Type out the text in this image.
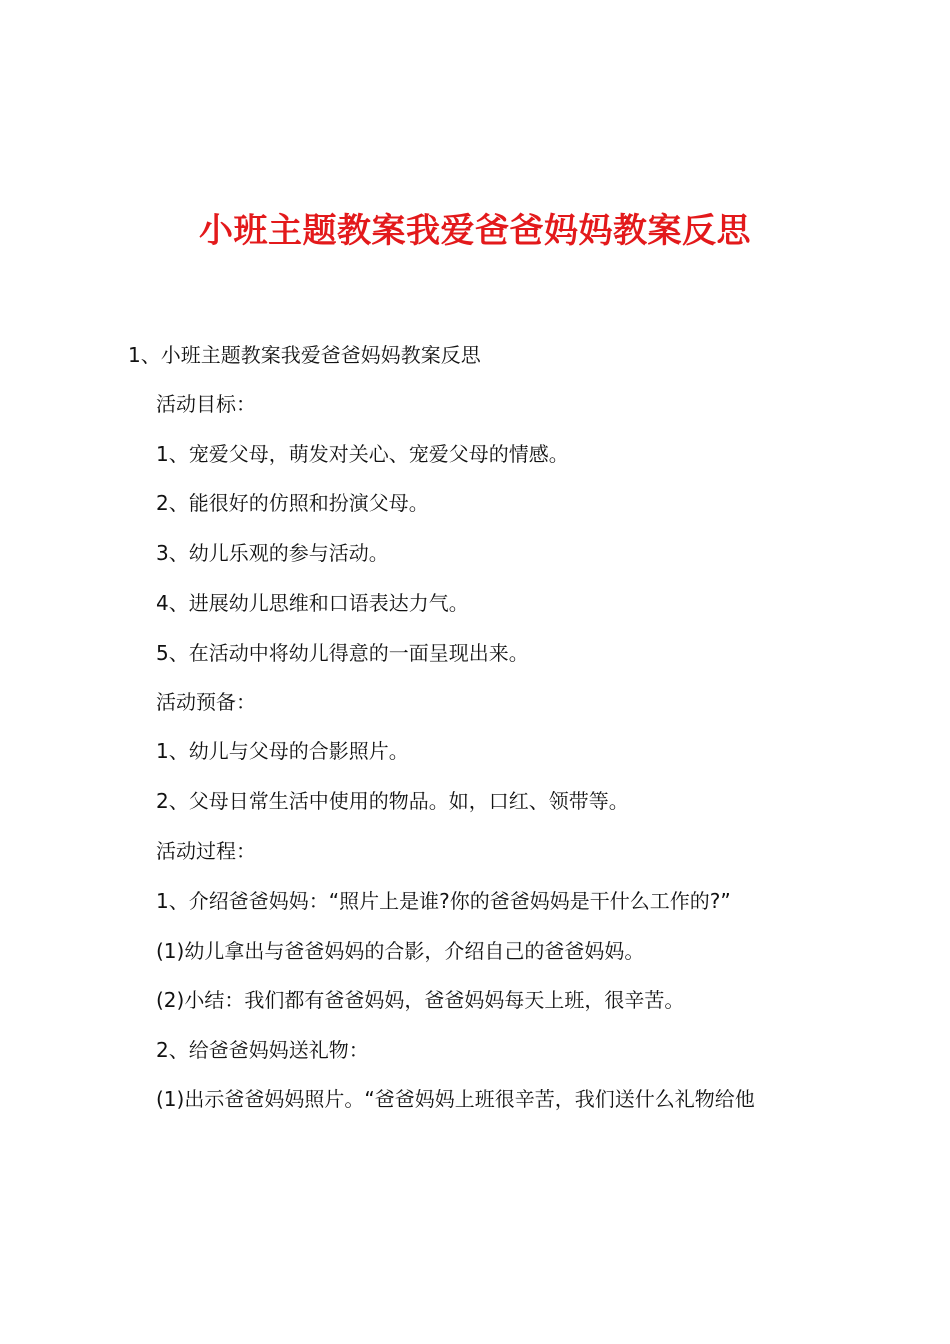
小班主题教案我爱爸爸妈妈教案反思
1、小班主题教案我爱爸爸妈妈教案反思
活动目标：
1、宠爱父母，萌发对关心、宠爱父母的情感。
2、能很好的仿照和扮演父母。
3、幼儿乐观的参与活动。
4、进展幼儿思维和口语表达力气。
5、在活动中将幼儿得意的一面呈现出来。
活动预备：
1、幼儿与父母的合影照片。
2、父母日常生活中使用的物品。如，口红、领带等。
活动过程：
1、介绍爸爸妈妈：“照片上是谁?你的爸爸妈妈是干什么工作的?”
(1)幼儿拿出与爸爸妈妈的合影，介绍自己的爸爸妈妈。
(2)小结：我们都有爸爸妈妈，爸爸妈妈每天上班，很辛苦。
2、给爸爸妈妈送礼物：
(1)出示爸爸妈妈照片。“爸爸妈妈上班很辛苦，我们送什么礼物给他
